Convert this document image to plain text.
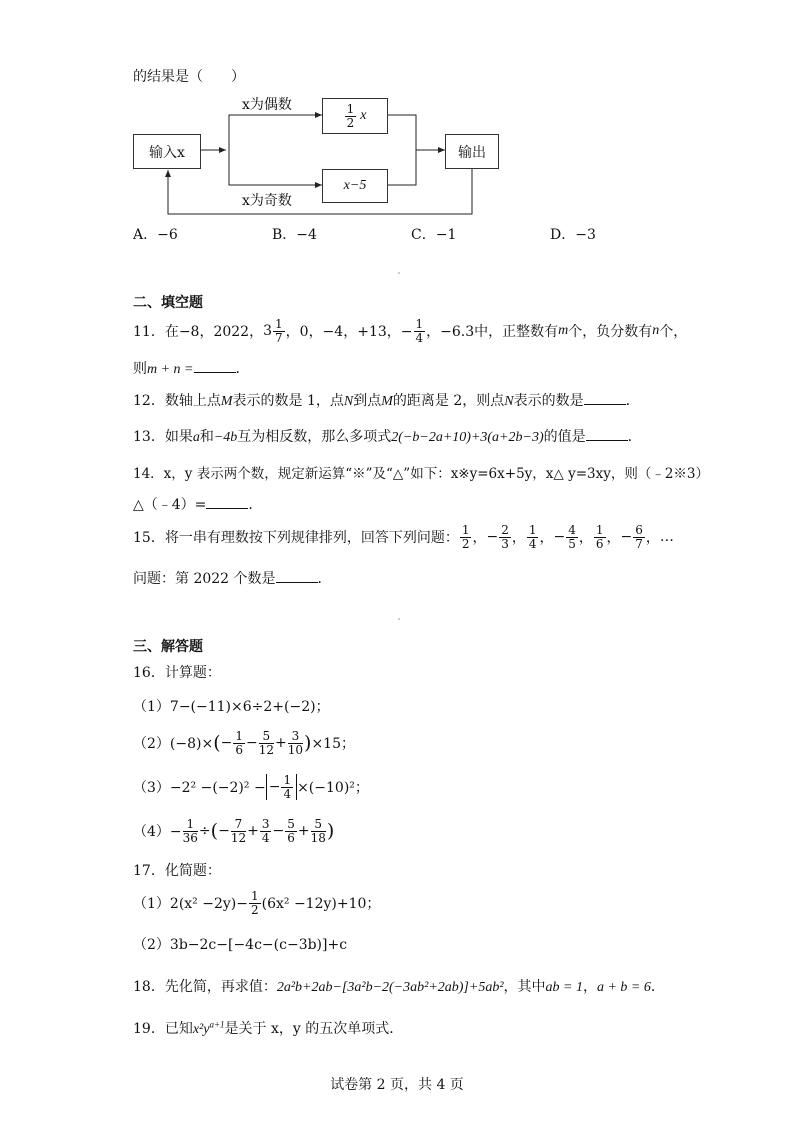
的结果是（　　）
输入x
$\frac{1}{2}$ x
x−5
输出
x为偶数
x为奇数
A．−6	B．−4	C．−1	D．−3
二、填空题
11． 在−8，2022， $3 \frac{1}{7}$ ，0，−4，+13，− $\frac{1}{4}$ ，−6.3中，正整数有 m 个，负分数有 n 个，
则m + n =	．
12．数轴上点M表示的数是 1，点N到点M的距离是 2，则点N表示的数是	．
13．如果a和−4b互为相反数，那么多项式2(−b−2a+10)+3(a+2b−3)的值是	．
14．x，y 表示两个数，规定新运算“※”及“△”如下：x※y=6x+5y，x△ y=3xy，则（﹣2※3）
△（﹣4）=	．
15．将一串有理数按下列规律排列，回答下列问题： $\frac{1}{2}$ ， − $\frac{2}{3}$ ， $\frac{1}{4}$ ， − $\frac{4}{5}$ ， $\frac{1}{6}$ ， − $\frac{6}{7}$ ， …
问题：第 2022 个数是	．
三、解答题
16．计算题：
（1）7−(−11)×6÷2+(−2)；
（2）(−8)× ( − $\frac{1}{6} - \frac{5}{12} + \frac{3}{10}$ ) ×15；
（3）−2² −(−2)² − − $\frac{1}{4} \times(-10)^2$；
$(4)- \frac{1}{36}$ ÷ ( − $\frac{7}{12} + \frac{3}{4} - \frac{5}{6} + \frac{5}{18}$ )
17．化简题：
$(1)2(x^2 -2y)- \frac{1}{2} (6x^2 -12y)+10$；
（2）3b−2c−[−4c−(c−3b)]+c
18．先化简，再求值：2a²b+2ab−[3a²b−2(−3ab²+2ab)]+5ab²，其中ab = 1，a + b = 6．
19．已知$x^2y^{a+1}$是关于 x，y 的五次单项式．
试卷第 2 页，共 4 页
